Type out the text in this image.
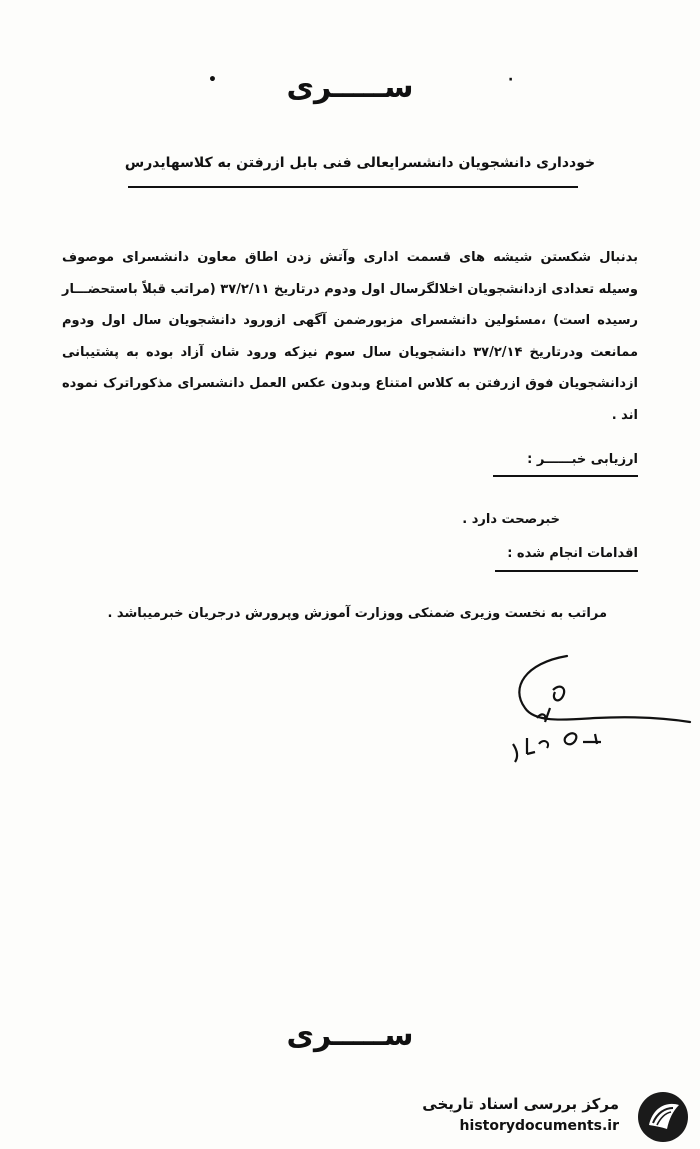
•	·
ســـــری
خودداری دانشجویان دانشسرایعالی فنی بابل ازرفتن به کلاسهایدرس
بدنبال شکستن شیشه های قسمت اداری وآتش زدن اطاق معاون دانشسرای موصوف وسیله تعدادی ازدانشجویان اخلالگرسال اول ودوم درتاریخ ۳۷/۲/۱۱ (مراتب قبلاً باستحضـــار رسیده است) ،مسئولین دانشسرای مزبورضمن آگهی ازورود دانشجویان سال اول ودوم ممانعت ودرتاریخ ۳۷/۲/۱۴ دانشجویان سال سوم نیزکه ورود شان آزاد بوده به پشتیبانی ازدانشجویان فوق ازرفتن به کلاس امتناع وبدون عکس العمل دانشسرای مذکوراترک نموده اند .
ارزیابی خبــــــر :
خبرصحت دارد .
اقدامات انجام شده :
مراتب به نخست وزیری ضمنکی ووزارت آموزش وپرورش درجریان خبرمیباشد .
ســـــری
مرکز بررسی اسناد تاریخی
historydocuments.ir
